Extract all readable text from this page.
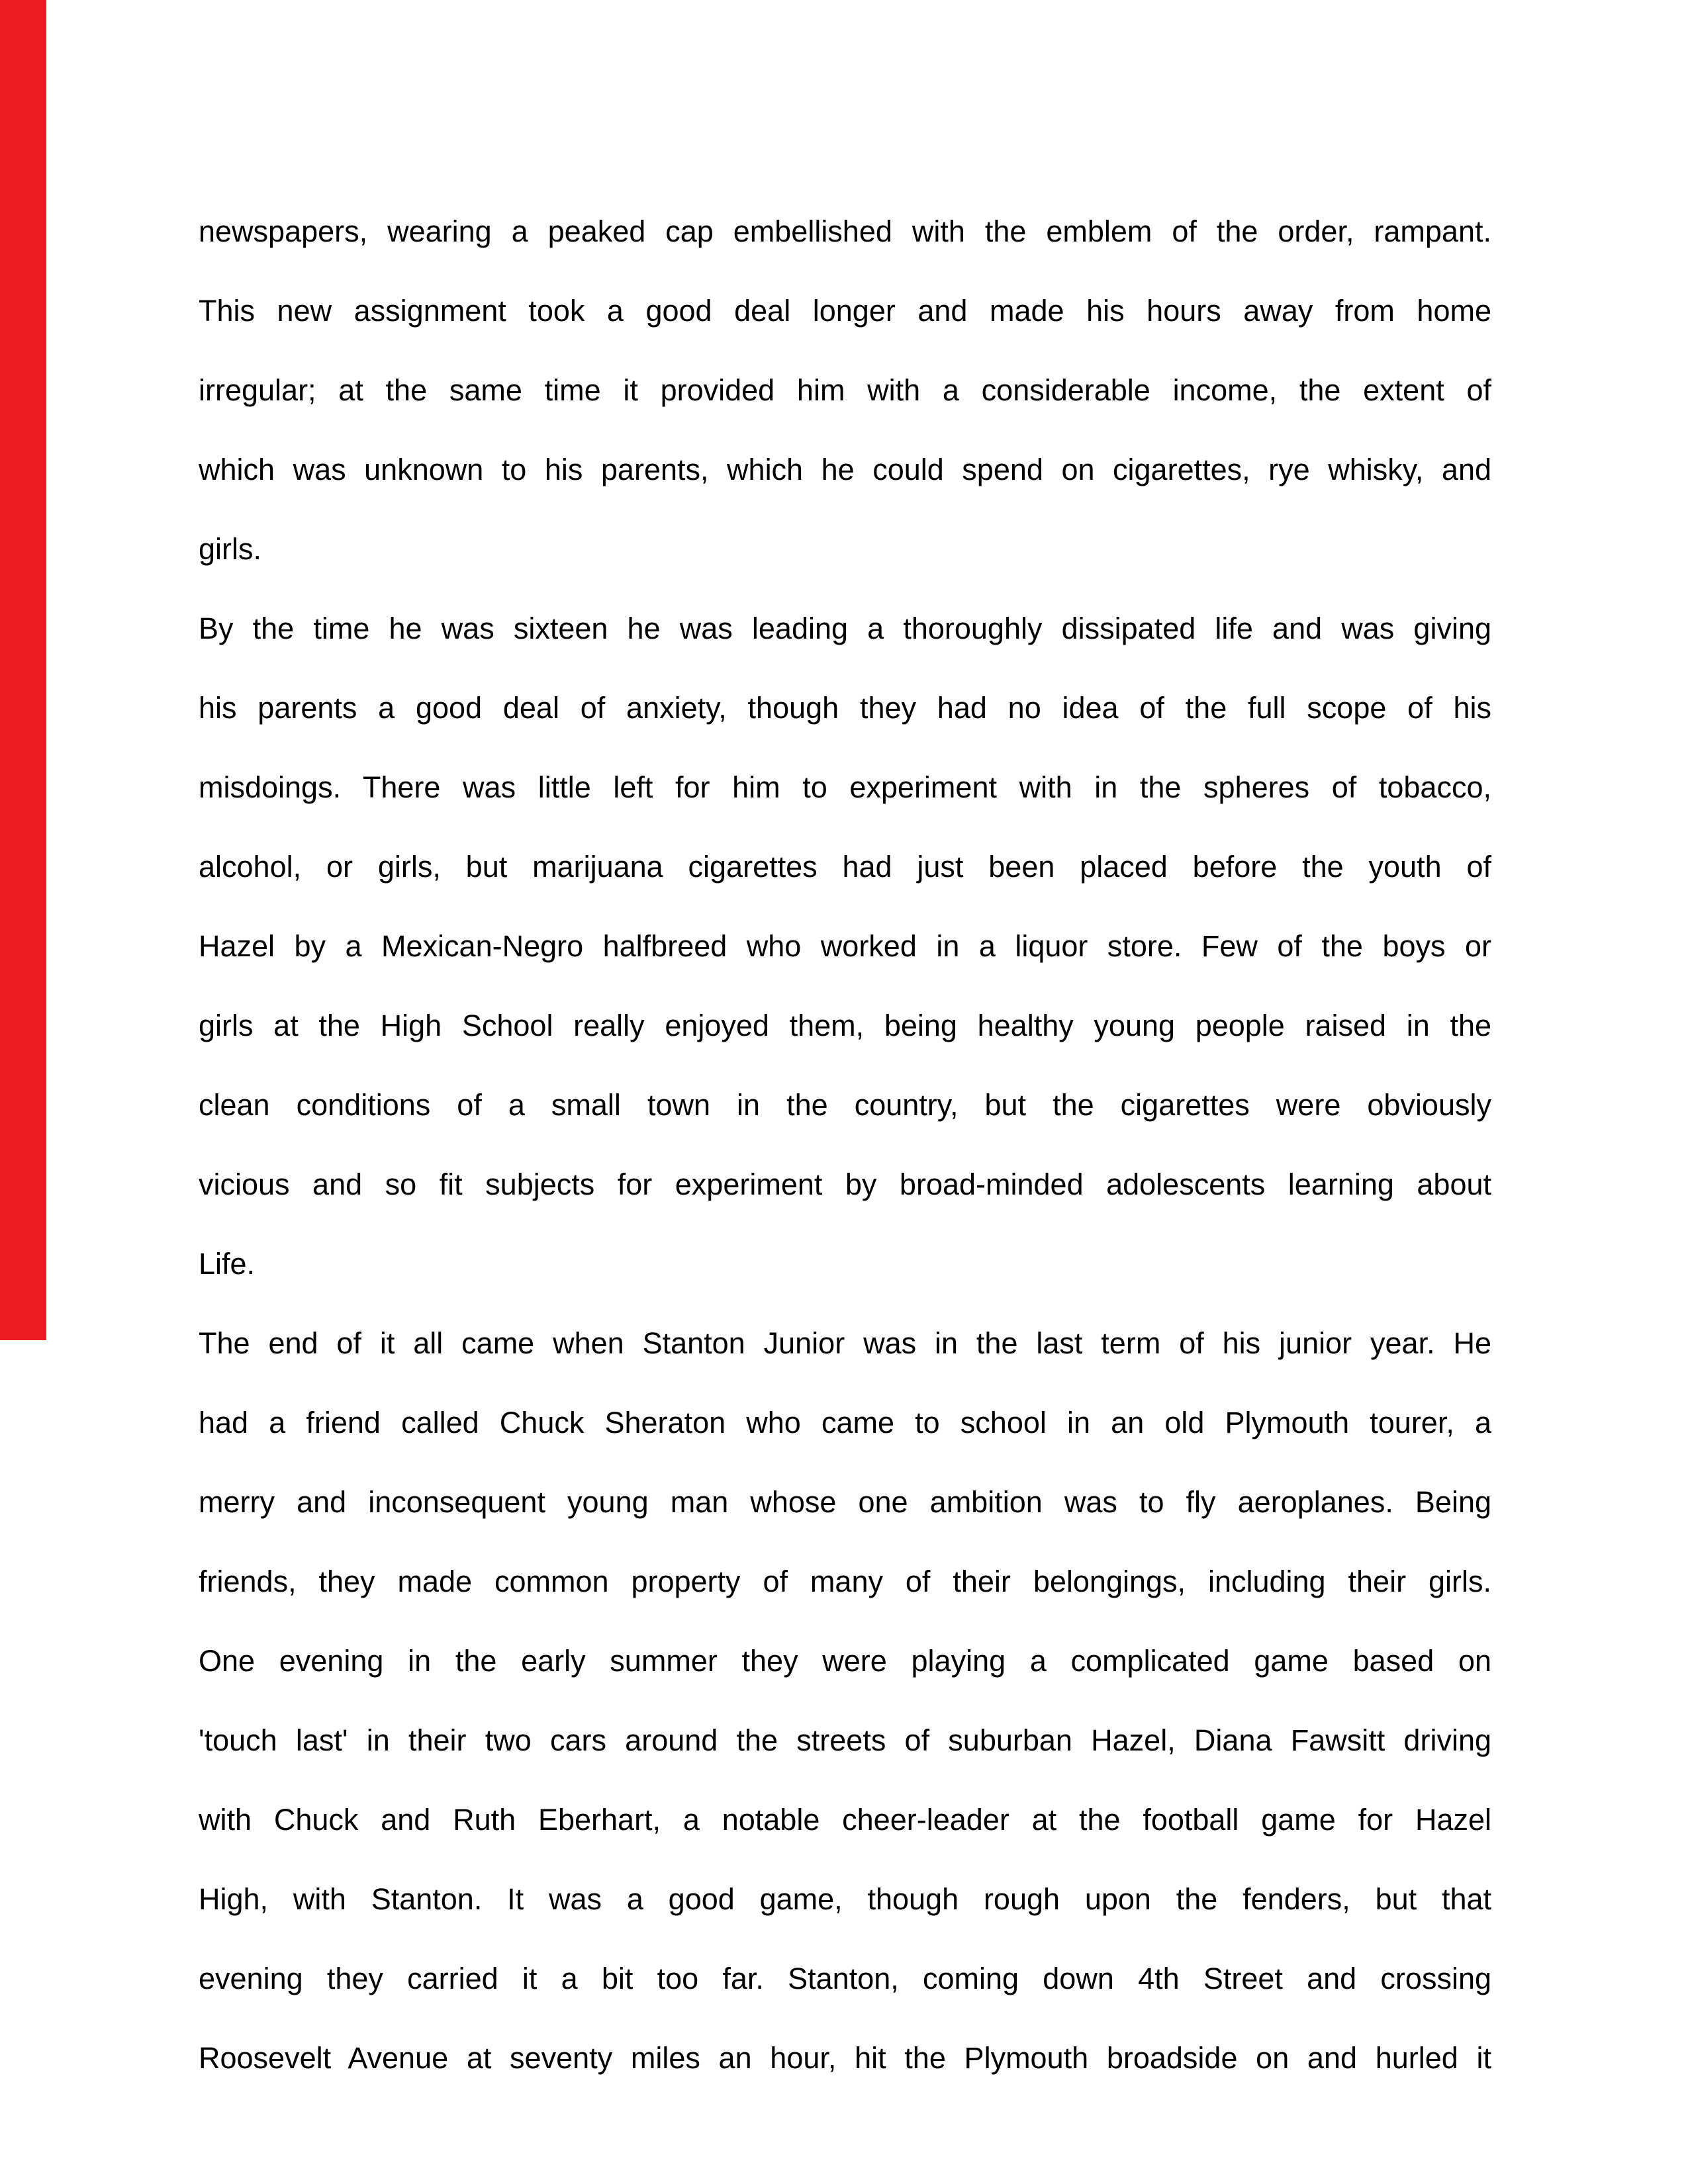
newspapers, wearing a peaked cap embellished with the emblem of the order, rampant.
This new assignment took a good deal longer and made his hours away from home
irregular; at the same time it provided him with a considerable income, the extent of
which was unknown to his parents, which he could spend on cigarettes, rye whisky, and
girls.
By the time he was sixteen he was leading a thoroughly dissipated life and was giving
his parents a good deal of anxiety, though they had no idea of the full scope of his
misdoings. There was little left for him to experiment with in the spheres of tobacco,
alcohol, or girls, but marijuana cigarettes had just been placed before the youth of
Hazel by a Mexican-Negro halfbreed who worked in a liquor store. Few of the boys or
girls at the High School really enjoyed them, being healthy young people raised in the
clean conditions of a small town in the country, but the cigarettes were obviously
vicious and so fit subjects for experiment by broad-minded adolescents learning about
Life.
The end of it all came when Stanton Junior was in the last term of his junior year. He
had a friend called Chuck Sheraton who came to school in an old Plymouth tourer, a
merry and inconsequent young man whose one ambition was to fly aeroplanes. Being
friends, they made common property of many of their belongings, including their girls.
One evening in the early summer they were playing a complicated game based on
'touch last' in their two cars around the streets of suburban Hazel, Diana Fawsitt driving
with Chuck and Ruth Eberhart, a notable cheer-leader at the football game for Hazel
High, with Stanton. It was a good game, though rough upon the fenders, but that
evening they carried it a bit too far. Stanton, coming down 4th Street and crossing
Roosevelt Avenue at seventy miles an hour, hit the Plymouth broadside on and hurled it
